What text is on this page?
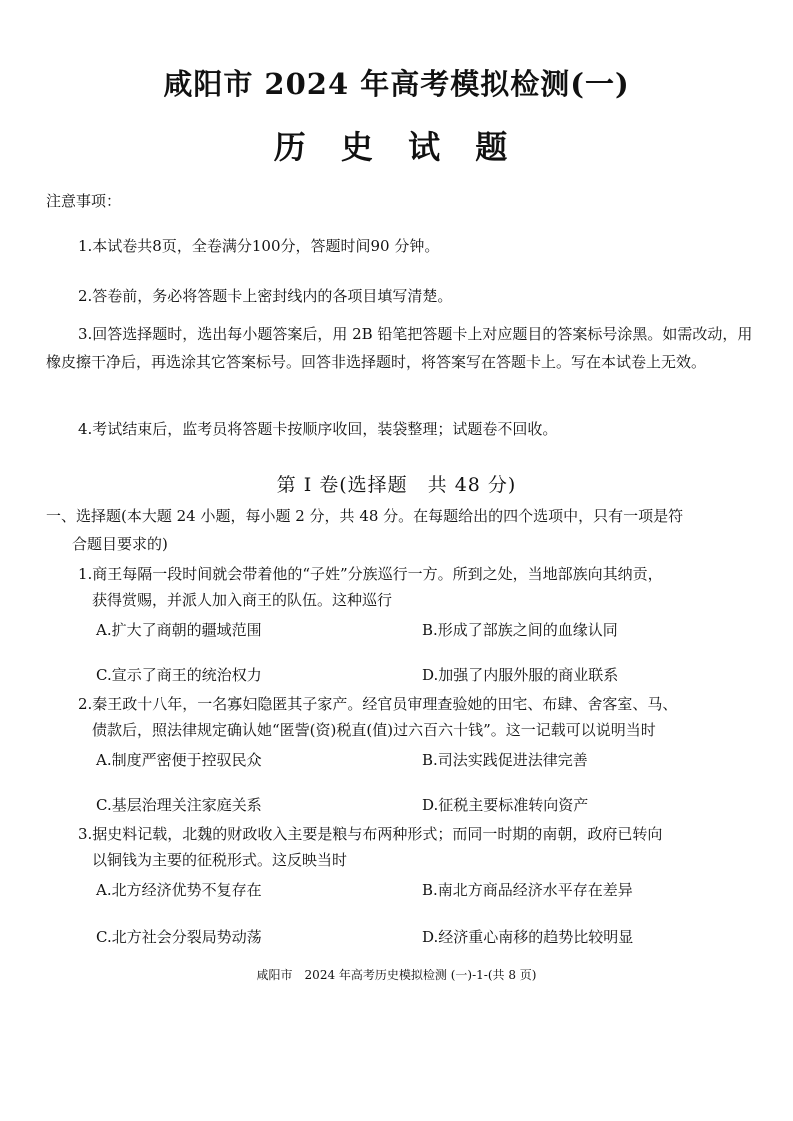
咸阳市 2024 年高考模拟检测(一)
历 史 试 题
注意事项：
1.本试卷共8页，全卷满分100分，答题时间90 分钟。
2.答卷前，务必将答题卡上密封线内的各项目填写清楚。
3.回答选择题时，选出每小题答案后，用 2B 铅笔把答题卡上对应题目的答案标号涂黑。如需改动，用橡皮擦干净后，再选涂其它答案标号。回答非选择题时，将答案写在答题卡上。写在本试卷上无效。
4.考试结束后，监考员将答题卡按顺序收回，装袋整理；试题卷不回收。
第 Ⅰ 卷(选择题　共 48 分)
一、选择题(本大题 24 小题，每小题 2 分，共 48 分。在每题给出的四个选项中，只有一项是符
合题目要求的)
1.商王每隔一段时间就会带着他的“子姓”分族巡行一方。所到之处，当地部族向其纳贡，
获得赏赐，并派人加入商王的队伍。这种巡行
A.扩大了商朝的疆域范围	B.形成了部族之间的血缘认同
C.宣示了商王的统治权力	D.加强了内服外服的商业联系
2.秦王政十八年，一名寡妇隐匿其子家产。经官员审理查验她的田宅、布肆、舍客室、马、
债款后，照法律规定确认她“匿訾(资)税直(值)过六百六十钱”。这一记载可以说明当时
A.制度严密便于控驭民众	B.司法实践促进法律完善
C.基层治理关注家庭关系	D.征税主要标准转向资产
3.据史料记载，北魏的财政收入主要是粮与布两种形式；而同一时期的南朝，政府已转向
以铜钱为主要的征税形式。这反映当时
A.北方经济优势不复存在	B.南北方商品经济水平存在差异
C.北方社会分裂局势动荡	D.经济重心南移的趋势比较明显
咸阳市　2024 年高考历史模拟检测 (一)-1-(共 8 页)
